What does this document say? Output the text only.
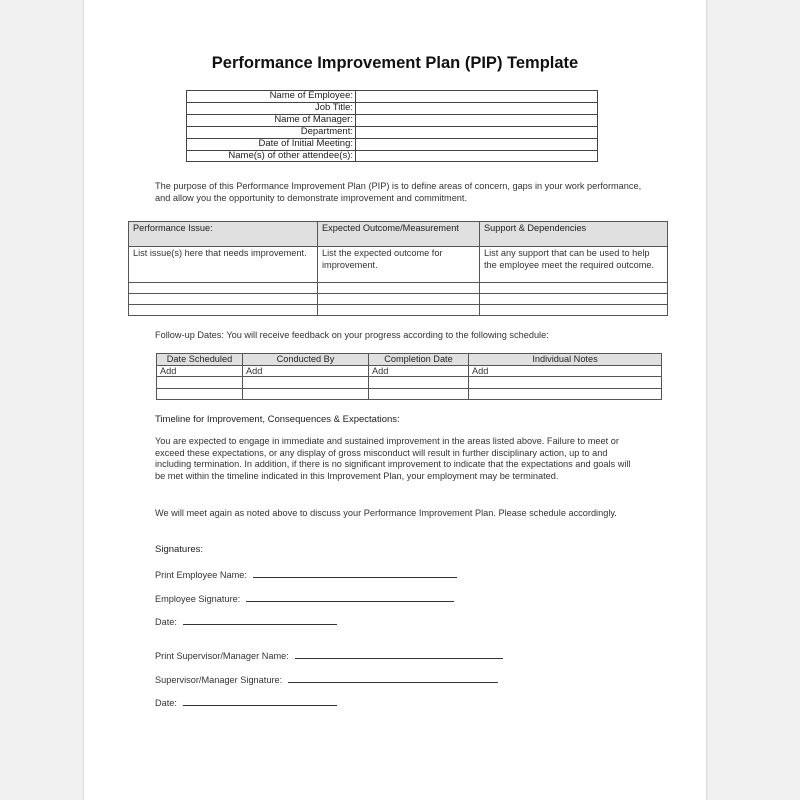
Performance Improvement Plan (PIP) Template
Name of Employee:	
Job Title:	
Name of Manager:	
Department:	
Date of Initial Meeting:	
Name(s) of other attendee(s):	
The purpose of this Performance Improvement Plan (PIP) is to define areas of concern, gaps in your work performance, and allow you the opportunity to demonstrate improvement and commitment.
Performance Issue:	Expected Outcome/Measurement	Support & Dependencies
List issue(s) here that needs improvement.	List the expected outcome for improvement.	List any support that can be used to help the employee meet the required outcome.

Follow-up Dates: You will receive feedback on your progress according to the following schedule:
Date Scheduled	Conducted By	Completion Date	Individual Notes
Add	Add	Add	Add

Timeline for Improvement, Consequences & Expectations:
You are expected to engage in immediate and sustained improvement in the areas listed above. Failure to meet or exceed these expectations, or any display of gross misconduct will result in further disciplinary action, up to and including termination. In addition, if there is no significant improvement to indicate that the expectations and goals will be met within the timeline indicated in this Improvement Plan, your employment may be terminated.
We will meet again as noted above to discuss your Performance Improvement Plan. Please schedule accordingly.
Signatures:
Print Employee Name:
Employee Signature:
Date:
Print Supervisor/Manager Name:
Supervisor/Manager Signature:
Date:
